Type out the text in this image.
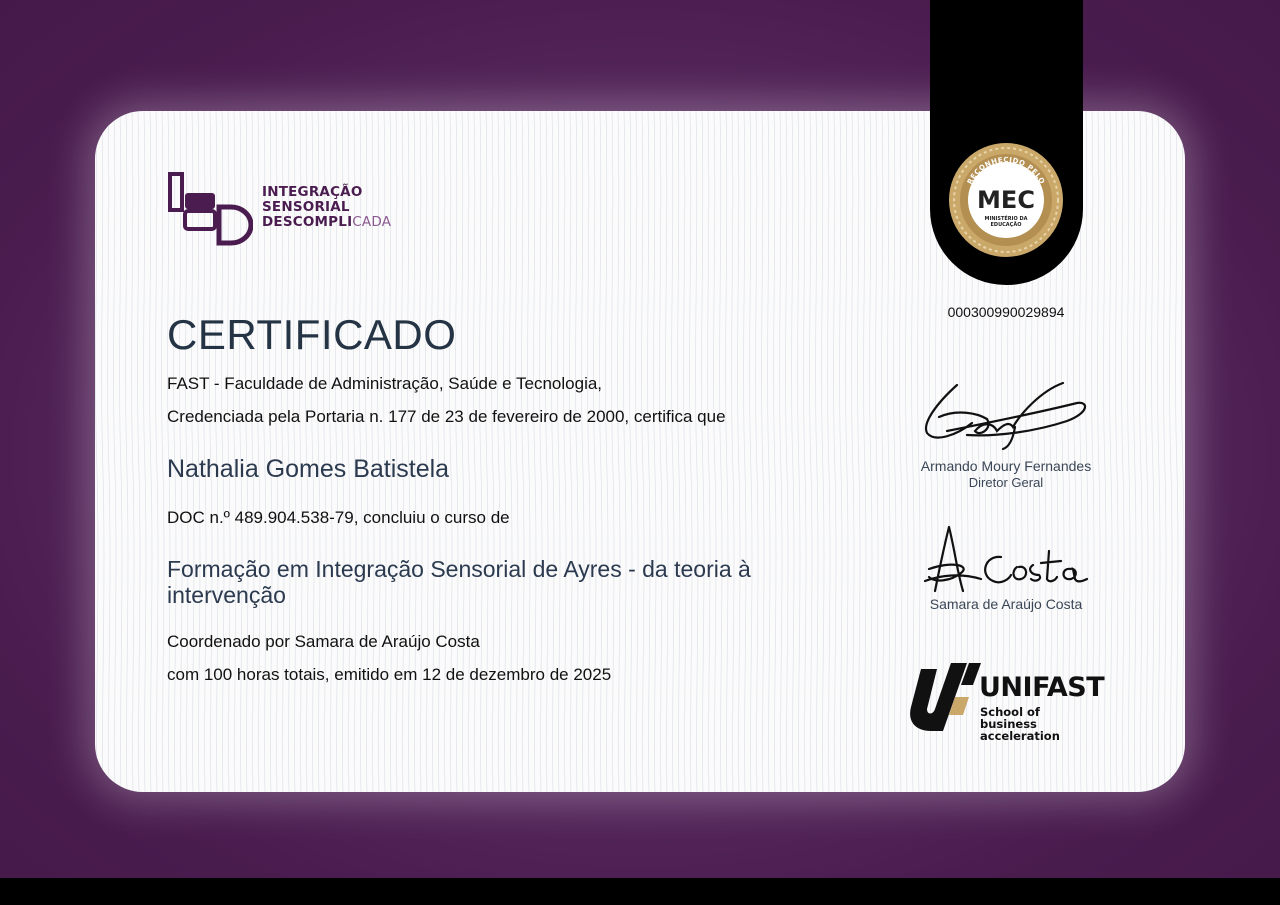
INTEGRAÇÃO
SENSORIAL
DESCOMPLICADA
CERTIFICADO
FAST - Faculdade de Administração, Saúde e Tecnologia,
Credenciada pela Portaria n. 177 de 23 de fevereiro de 2000, certifica que
Nathalia Gomes Batistela
DOC n.º 489.904.538-79, concluiu o curso de
Formação em Integração Sensorial de Ayres - da teoria à intervenção
Coordenado por Samara de Araújo Costa
com 100 horas totais, emitido em 12 de dezembro de 2025
000300990029894
Armando Moury Fernandes
Diretor Geral
Samara de Araújo Costa
UNIFAST
School of
business
acceleration
RECONHECIDO PELO
MEC
MINISTÉRIO DA
EDUCAÇÃO
